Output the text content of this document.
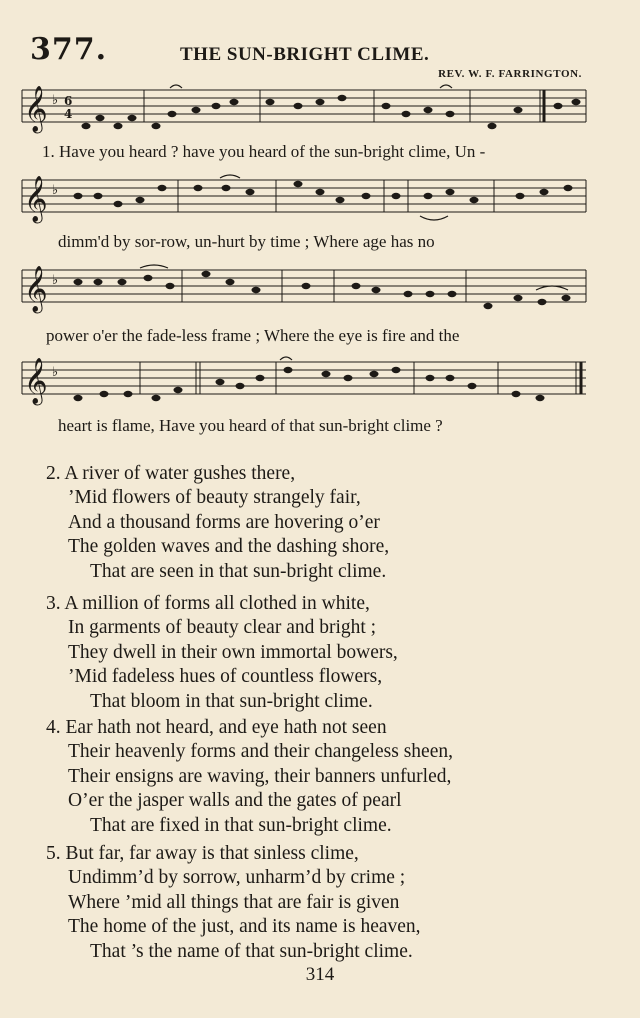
377.	THE SUN-BRIGHT CLIME.
REV. W. F. FARRINGTON.
𝄞 ♭ 6
4
1. Have you heard ? have you heard of the sun-bright clime, Un -
𝄞 ♭
dimm'd by sor-row, un-hurt by time ; Where age has no
𝄞 ♭
power o'er the fade-less frame ; Where the eye is fire and the
𝄞 ♭
heart is flame, Have you heard of that sun-bright clime ?
2. A river of water gushes there,
’Mid flowers of beauty strangely fair,
And a thousand forms are hovering o’er
The golden waves and the dashing shore,
That are seen in that sun-bright clime.
3. A million of forms all clothed in white,
In garments of beauty clear and bright ;
They dwell in their own immortal bowers,
’Mid fadeless hues of countless flowers,
That bloom in that sun-bright clime.
4. Ear hath not heard, and eye hath not seen
Their heavenly forms and their changeless sheen,
Their ensigns are waving, their banners unfurled,
O’er the jasper walls and the gates of pearl
That are fixed in that sun-bright clime.
5. But far, far away is that sinless clime,
Undimm’d by sorrow, unharm’d by crime ;
Where ’mid all things that are fair is given
The home of the just, and its name is heaven,
That ’s the name of that sun-bright clime.
314
